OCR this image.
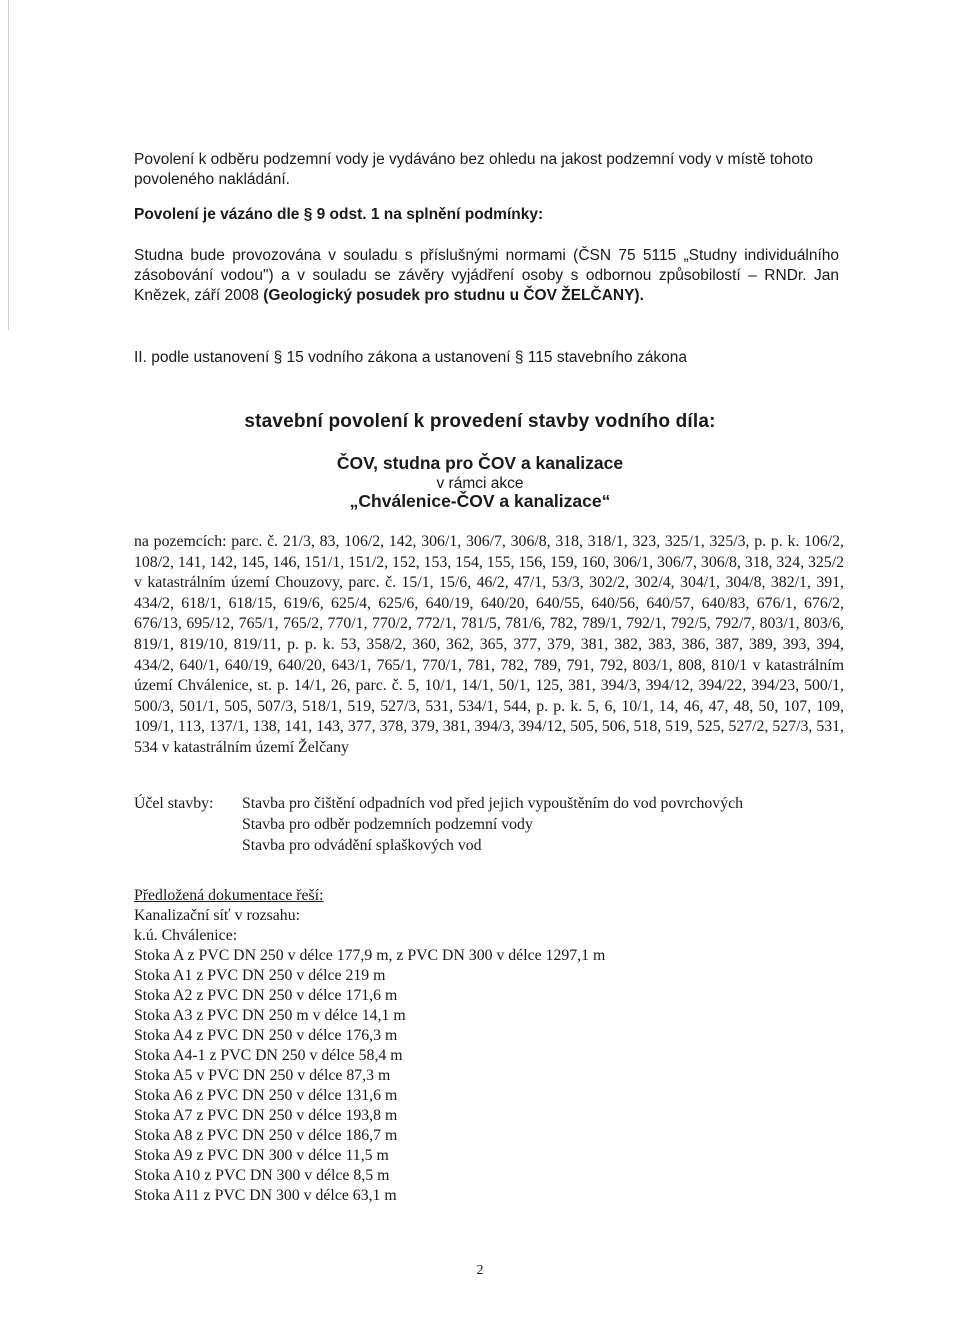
Povolení k odběru podzemní vody je vydáváno bez ohledu na jakost podzemní vody v místě tohoto povoleného nakládání.
Povolení je vázáno dle § 9 odst. 1 na splnění podmínky:
Studna bude provozována v souladu s příslušnými normami (ČSN 75 5115 „Studny individuálního zásobování vodou") a v souladu se závěry vyjádření osoby s odbornou způsobilostí – RNDr. Jan Knězek, září 2008 (Geologický posudek pro studnu u ČOV ŽELČANY).
II. podle ustanovení § 15 vodního zákona a ustanovení § 115 stavebního zákona
stavební povolení k provedení stavby vodního díla:
ČOV, studna pro ČOV a kanalizace
v rámci akce
„Chválenice-ČOV a kanalizace“
na pozemcích: parc. č. 21/3, 83, 106/2, 142, 306/1, 306/7, 306/8, 318, 318/1, 323, 325/1, 325/3, p. p. k. 106/2, 108/2, 141, 142, 145, 146, 151/1, 151/2, 152, 153, 154, 155, 156, 159, 160, 306/1, 306/7, 306/8, 318, 324, 325/2 v katastrálním území Chouzovy, parc. č. 15/1, 15/6, 46/2, 47/1, 53/3, 302/2, 302/4, 304/1, 304/8, 382/1, 391, 434/2, 618/1, 618/15, 619/6, 625/4, 625/6, 640/19, 640/20, 640/55, 640/56, 640/57, 640/83, 676/1, 676/2, 676/13, 695/12, 765/1, 765/2, 770/1, 770/2, 772/1, 781/5, 781/6, 782, 789/1, 792/1, 792/5, 792/7, 803/1, 803/6, 819/1, 819/10, 819/11, p. p. k. 53, 358/2, 360, 362, 365, 377, 379, 381, 382, 383, 386, 387, 389, 393, 394, 434/2, 640/1, 640/19, 640/20, 643/1, 765/1, 770/1, 781, 782, 789, 791, 792, 803/1, 808, 810/1 v katastrálním území Chválenice, st. p. 14/1, 26, parc. č. 5, 10/1, 14/1, 50/1, 125, 381, 394/3, 394/12, 394/22, 394/23, 500/1, 500/3, 501/1, 505, 507/3, 518/1, 519, 527/3, 531, 534/1, 544, p. p. k. 5, 6, 10/1, 14, 46, 47, 48, 50, 107, 109, 109/1, 113, 137/1, 138, 141, 143, 377, 378, 379, 381, 394/3, 394/12, 505, 506, 518, 519, 525, 527/2, 527/3, 531, 534 v katastrálním území Želčany
Účel stavby: Stavba pro čištění odpadních vod před jejich vypouštěním do vod povrchových
Stavba pro odběr podzemních podzemní vody
Stavba pro odvádění splaškových vod
Předložená dokumentace řeší:
Kanalizační síť v rozsahu:
k.ú. Chválenice:
Stoka A z PVC DN 250 v délce 177,9 m, z PVC DN 300 v délce 1297,1 m
Stoka A1 z PVC DN 250 v délce 219 m
Stoka A2 z PVC DN 250 v délce 171,6 m
Stoka A3 z PVC DN 250 m v délce 14,1 m
Stoka A4 z PVC DN 250 v délce 176,3 m
Stoka A4-1 z PVC DN 250 v délce 58,4 m
Stoka A5 v PVC DN 250 v délce 87,3 m
Stoka A6 z PVC DN 250 v délce 131,6 m
Stoka A7 z PVC DN 250 v délce 193,8 m
Stoka A8 z PVC DN 250 v délce 186,7 m
Stoka A9 z PVC DN 300 v délce 11,5 m
Stoka A10 z PVC DN 300 v délce 8,5 m
Stoka A11 z PVC DN 300 v délce 63,1 m
2
